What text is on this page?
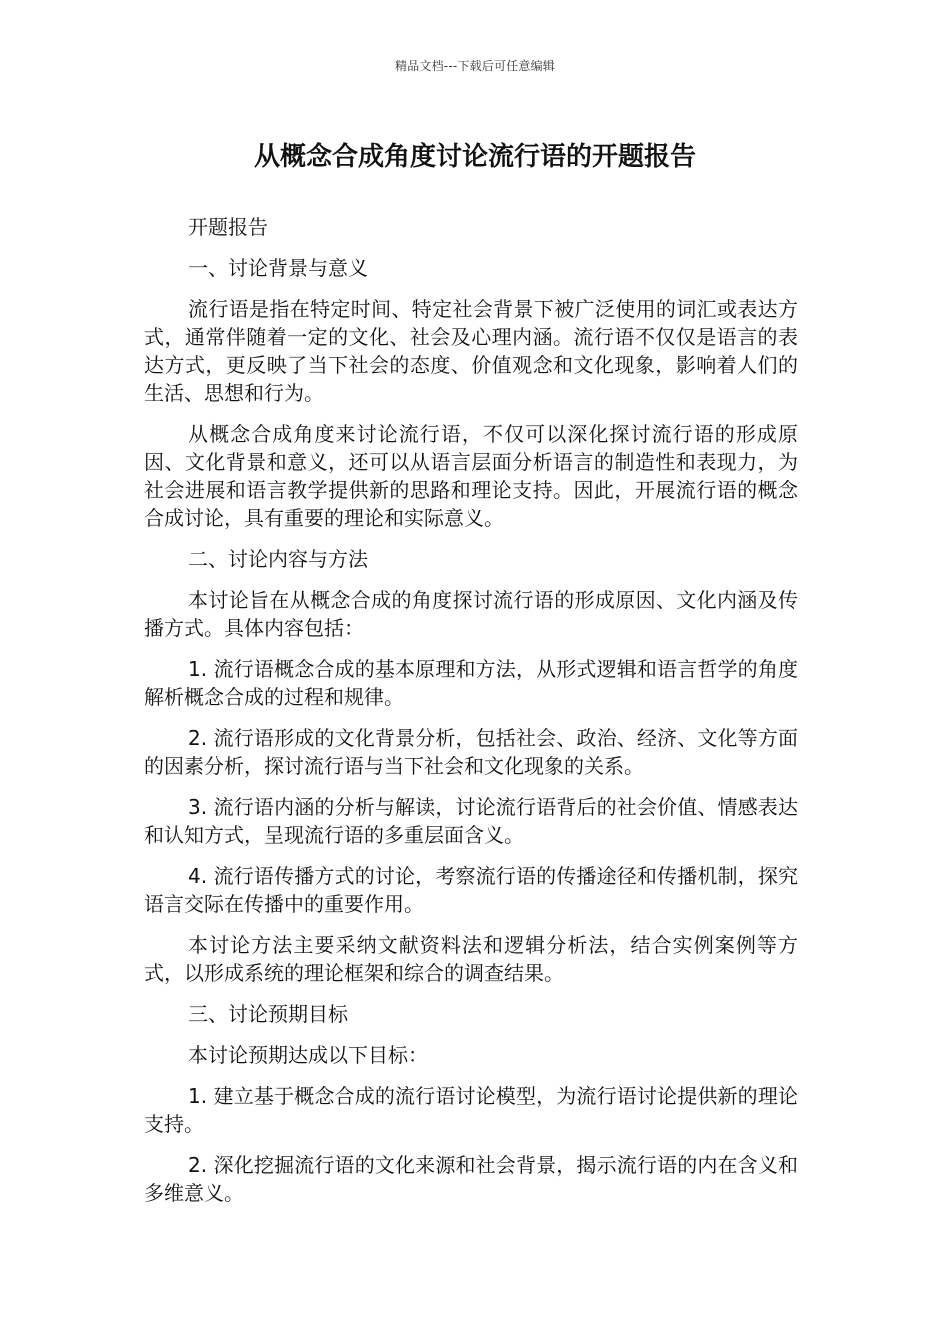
精品文档---下载后可任意编辑
从概念合成角度讨论流行语的开题报告

开题报告

一、讨论背景与意义

流行语是指在特定时间、特定社会背景下被广泛使用的词汇或表达方式，通常伴随着一定的文化、社会及心理内涵。流行语不仅仅是语言的表达方式，更反映了当下社会的态度、价值观念和文化现象，影响着人们的生活、思想和行为。

从概念合成角度来讨论流行语，不仅可以深化探讨流行语的形成原因、文化背景和意义，还可以从语言层面分析语言的制造性和表现力，为社会进展和语言教学提供新的思路和理论支持。因此，开展流行语的概念合成讨论，具有重要的理论和实际意义。

二、讨论内容与方法

本讨论旨在从概念合成的角度探讨流行语的形成原因、文化内涵及传播方式。具体内容包括：

1. 流行语概念合成的基本原理和方法，从形式逻辑和语言哲学的角度解析概念合成的过程和规律。

2. 流行语形成的文化背景分析，包括社会、政治、经济、文化等方面的因素分析，探讨流行语与当下社会和文化现象的关系。

3. 流行语内涵的分析与解读，讨论流行语背后的社会价值、情感表达和认知方式，呈现流行语的多重层面含义。

4. 流行语传播方式的讨论，考察流行语的传播途径和传播机制，探究语言交际在传播中的重要作用。

本讨论方法主要采纳文献资料法和逻辑分析法，结合实例案例等方式，以形成系统的理论框架和综合的调查结果。

三、讨论预期目标

本讨论预期达成以下目标：

1. 建立基于概念合成的流行语讨论模型，为流行语讨论提供新的理论支持。

2. 深化挖掘流行语的文化来源和社会背景，揭示流行语的内在含义和多维意义。
